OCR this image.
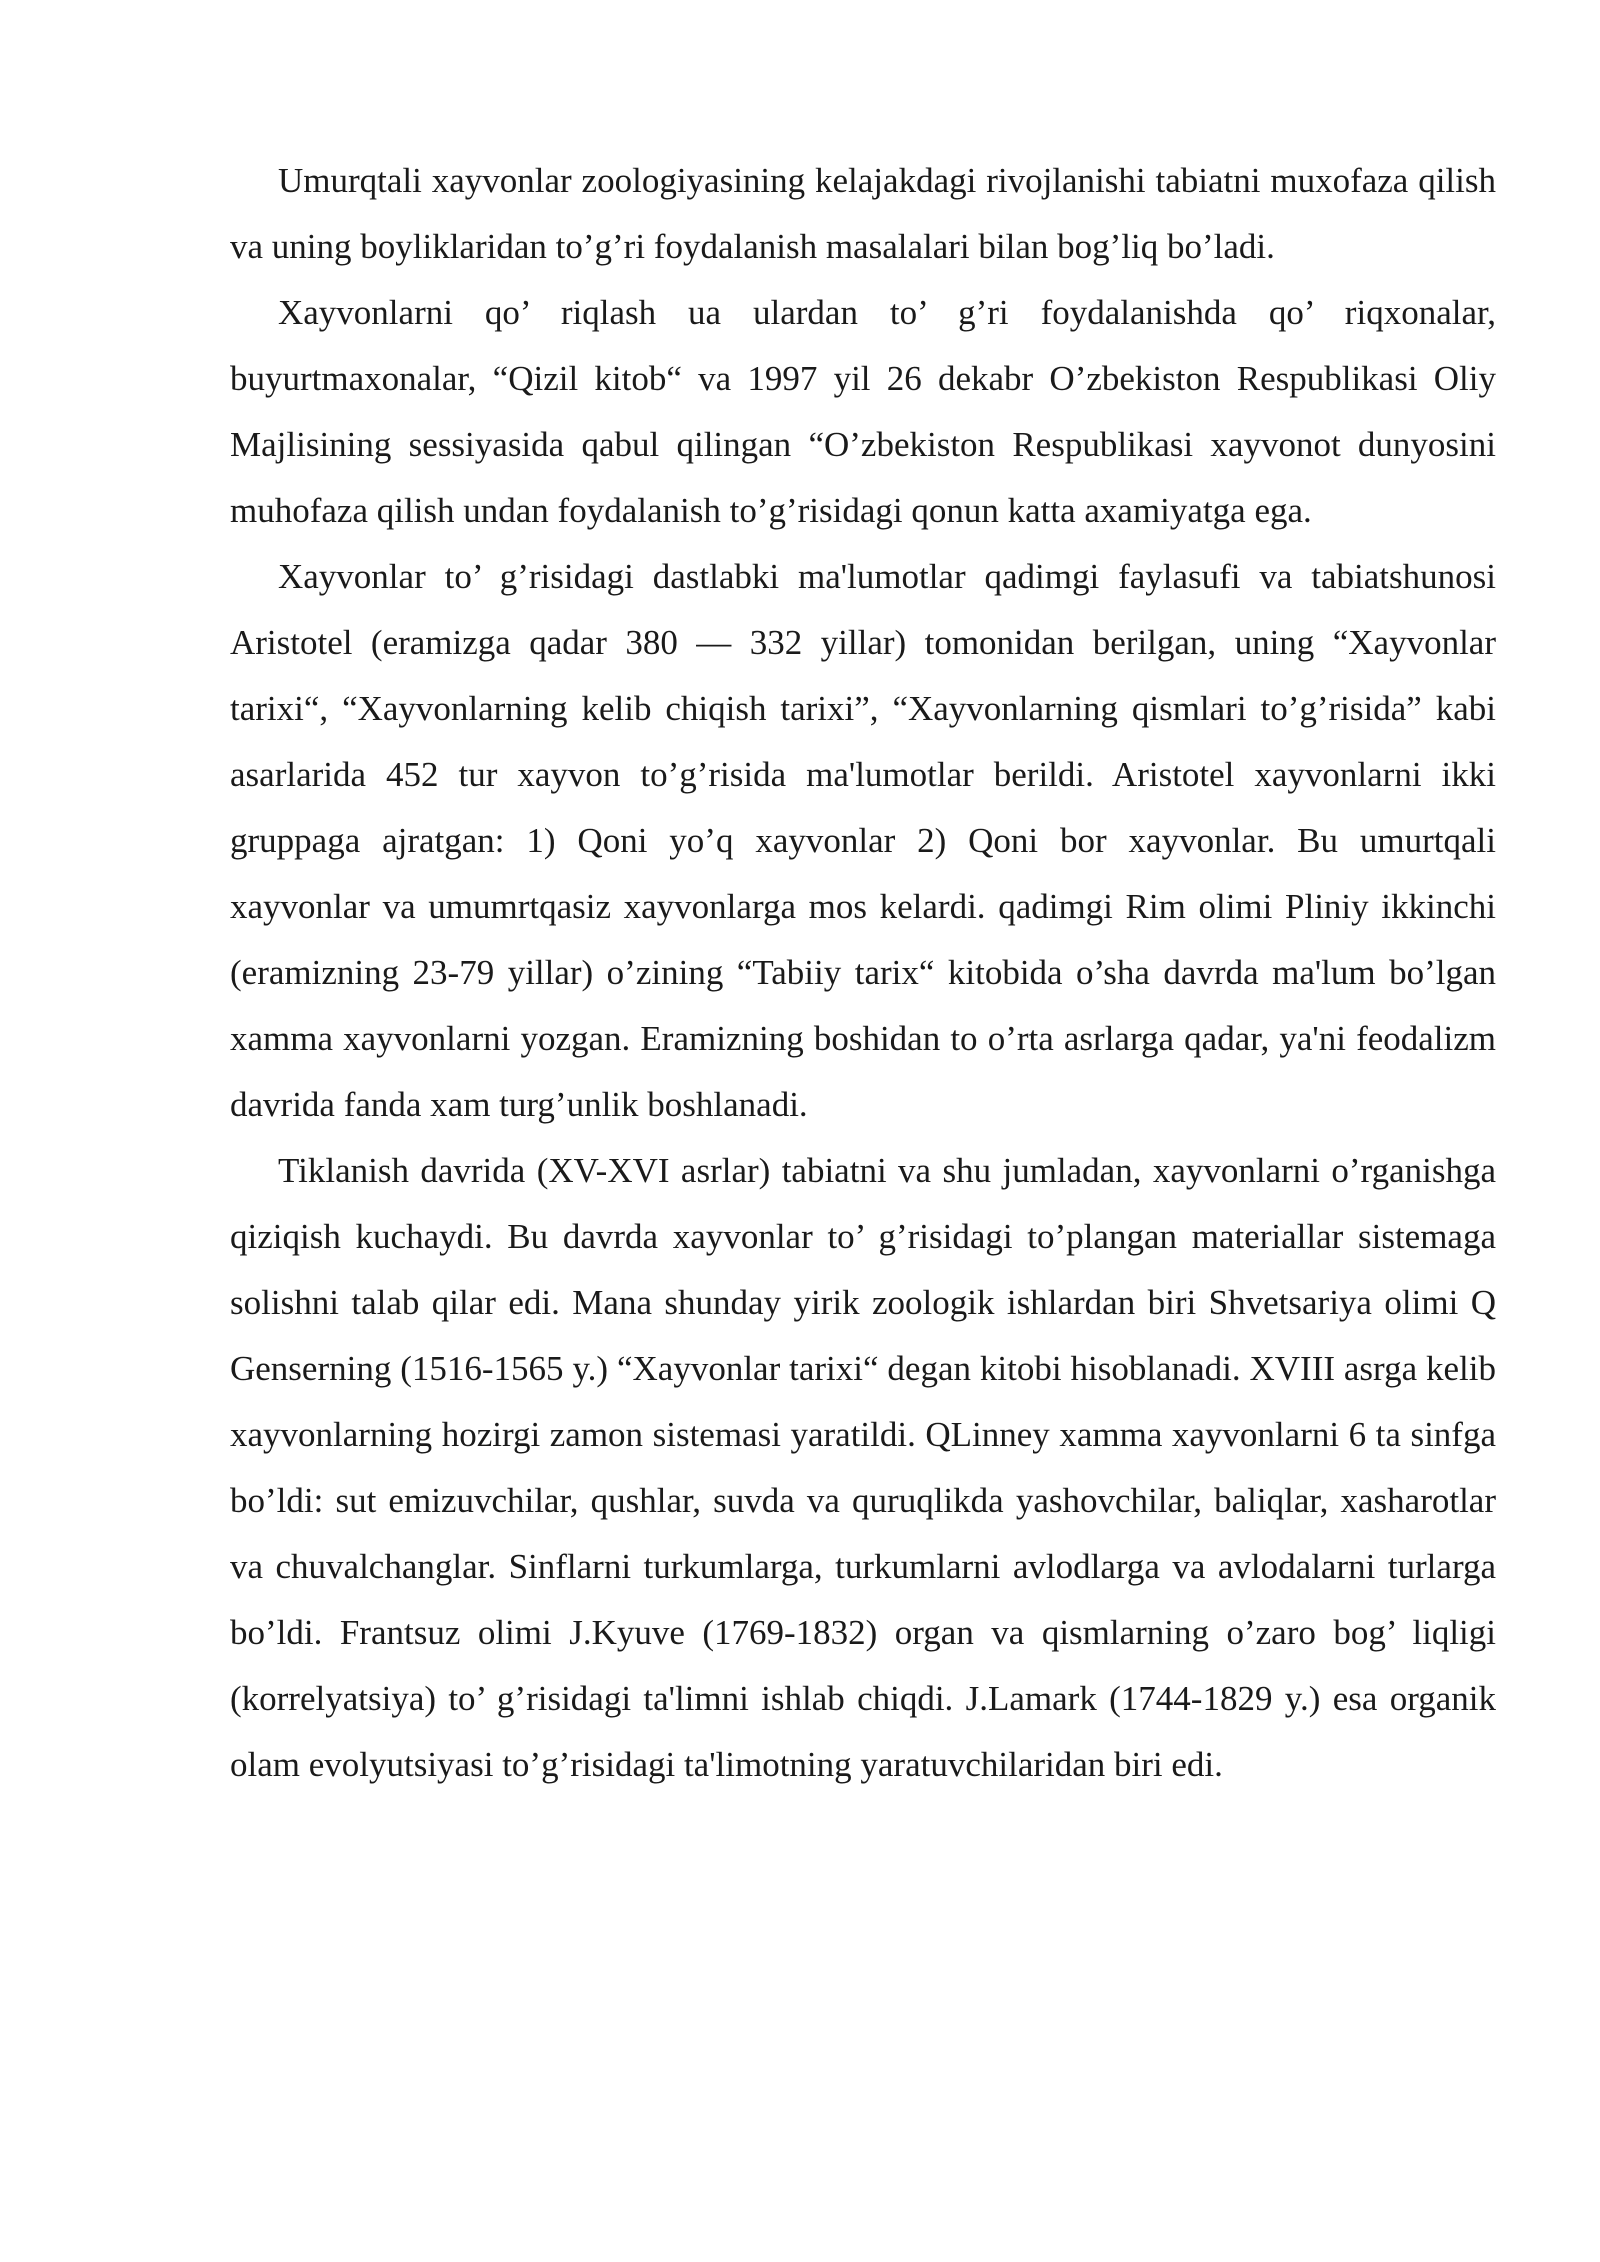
Umurqtali xayvonlar zoologiyasining kelajakdagi rivojlanishi tabiatni muxofaza qilish va uning boyliklaridan to’g’ri foydalanish masalalari bilan bog’liq bo’ladi.

Xayvonlarni qo’ riqlash ua ulardan to’ g’ri foydalanishda qo’ riqxonalar, buyurtmaxonalar, “Qizil kitob“ va 1997 yil 26 dekabr O’zbekiston Respublikasi Oliy Majlisining sessiyasida qabul qilingan “O’zbekiston Respublikasi xayvonot dunyosini muhofaza qilish undan foydalanish to’g’risidagi qonun katta axamiyatga ega.

Xayvonlar to’ g’risidagi dastlabki ma'lumotlar qadimgi faylasufi va tabiatshunosi Aristotel (eramizga qadar 380 — 332 yillar) tomonidan berilgan, uning “Xayvonlar tarixi“, “Xayvonlarning kelib chiqish tarixi”, “Xayvonlarning qismlari to’g’risida” kabi asarlarida 452 tur xayvon to’g’risida ma'lumotlar berildi. Aristotel xayvonlarni ikki gruppaga ajratgan: 1) Qoni yo’q xayvonlar 2) Qoni bor xayvonlar. Bu umurtqali xayvonlar va umumrtqasiz xayvonlarga mos kelardi. qadimgi Rim olimi Pliniy ikkinchi (eramizning 23-79 yillar) o’zining “Tabiiy tarix“ kitobida o’sha davrda ma'lum bo’lgan xamma xayvonlarni yozgan. Eramizning boshidan to o’rta asrlarga qadar, ya'ni feodalizm davrida fanda xam turg’unlik boshlanadi.

Tiklanish davrida (XV-XVI asrlar) tabiatni va shu jumladan, xayvonlarni o’rganishga qiziqish kuchaydi. Bu davrda xayvonlar to’ g’risidagi to’plangan materiallar sistemaga solishni talab qilar edi. Mana shunday yirik zoologik ishlardan biri Shvetsariya olimi Q Genserning (1516-1565 y.) “Xayvonlar tarixi“ degan kitobi hisoblanadi. XVIII asrga kelib xayvonlarning hozirgi zamon sistemasi yaratildi. QLinney xamma xayvonlarni 6 ta sinfga bo’ldi: sut emizuvchilar, qushlar, suvda va quruqlikda yashovchilar, baliqlar, xasharotlar va chuvalchanglar. Sinflarni turkumlarga, turkumlarni avlodlarga va avlodalarni turlarga bo’ldi. Frantsuz olimi J.Kyuve (1769-1832) organ va qismlarning o’zaro bog’ liqligi (korrelyatsiya) to’ g’risidagi ta'limni ishlab chiqdi. J.Lamark (1744-1829 y.) esa organik olam evolyutsiyasi to’g’risidagi ta'limotning yaratuvchilaridan biri edi.
